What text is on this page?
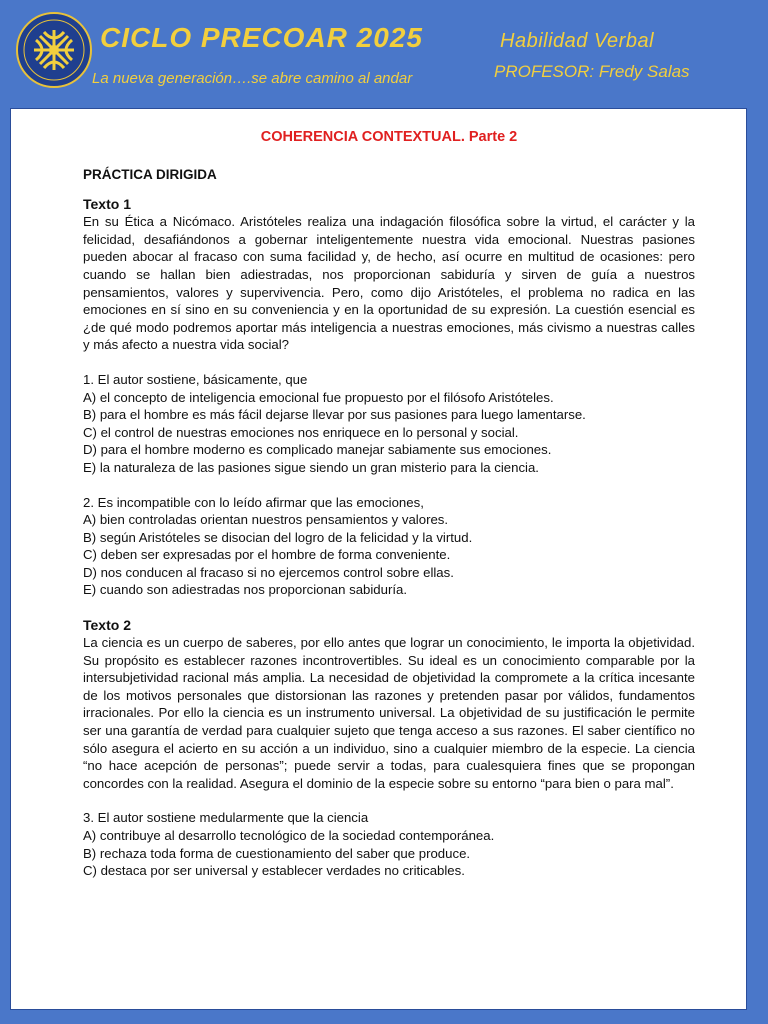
CICLO PRECOAR 2025
La nueva generación….se abre camino al andar
Habilidad Verbal
PROFESOR: Fredy Salas

COHERENCIA CONTEXTUAL. Parte 2

PRÁCTICA DIRIGIDA

Texto 1

En su Ética a Nicómaco. Aristóteles realiza una indagación filosófica sobre la virtud, el carácter y la felicidad, desafiándonos a gobernar inteligentemente nuestra vida emocional. Nuestras pasiones pueden abocar al fracaso con suma facilidad y, de hecho, así ocurre en multitud de ocasiones: pero cuando se hallan bien adiestradas, nos proporcionan sabiduría y sirven de guía a nuestros pensamientos, valores y supervivencia. Pero, como dijo Aristóteles, el problema no radica en las emociones en sí sino en su conveniencia y en la oportunidad de su expresión. La cuestión esencial es ¿de qué modo podremos aportar más inteligencia a nuestras emociones, más civismo a nuestras calles y más afecto a nuestra vida social?

1. El autor sostiene, básicamente, que

A) el concepto de inteligencia emocional fue propuesto por el filósofo Aristóteles.

B) para el hombre es más fácil dejarse llevar por sus pasiones para luego lamentarse.

C) el control de nuestras emociones nos enriquece en lo personal y social.

D) para el hombre moderno es complicado manejar sabiamente sus emociones.

E) la naturaleza de las pasiones sigue siendo un gran misterio para la ciencia.

2. Es incompatible con lo leído afirmar que las emociones,

A) bien controladas orientan nuestros pensamientos y valores.

B) según Aristóteles se disocian del logro de la felicidad y la virtud.

C) deben ser expresadas por el hombre de forma conveniente.

D) nos conducen al fracaso si no ejercemos control sobre ellas.

E) cuando son adiestradas nos proporcionan sabiduría.

Texto 2

La ciencia es un cuerpo de saberes, por ello antes que lograr un conocimiento, le importa la objetividad. Su propósito es establecer razones incontrovertibles. Su ideal es un conocimiento comparable por la intersubjetividad racional más amplia. La necesidad de objetividad la compromete a la crítica incesante de los motivos personales que distorsionan las razones y pretenden pasar por válidos, fundamentos irracionales. Por ello la ciencia es un instrumento universal. La objetividad de su justificación le permite ser una garantía de verdad para cualquier sujeto que tenga acceso a sus razones. El saber científico no sólo asegura el acierto en su acción a un individuo, sino a cualquier miembro de la especie. La ciencia “no hace acepción de personas”; puede servir a todas, para cualesquiera fines que se propongan concordes con la realidad. Asegura el dominio de la especie sobre su entorno “para bien o para mal”.

3. El autor sostiene medularmente que la ciencia

A) contribuye al desarrollo tecnológico de la sociedad contemporánea.

B) rechaza toda forma de cuestionamiento del saber que produce.

C) destaca por ser universal y establecer verdades no criticables.
